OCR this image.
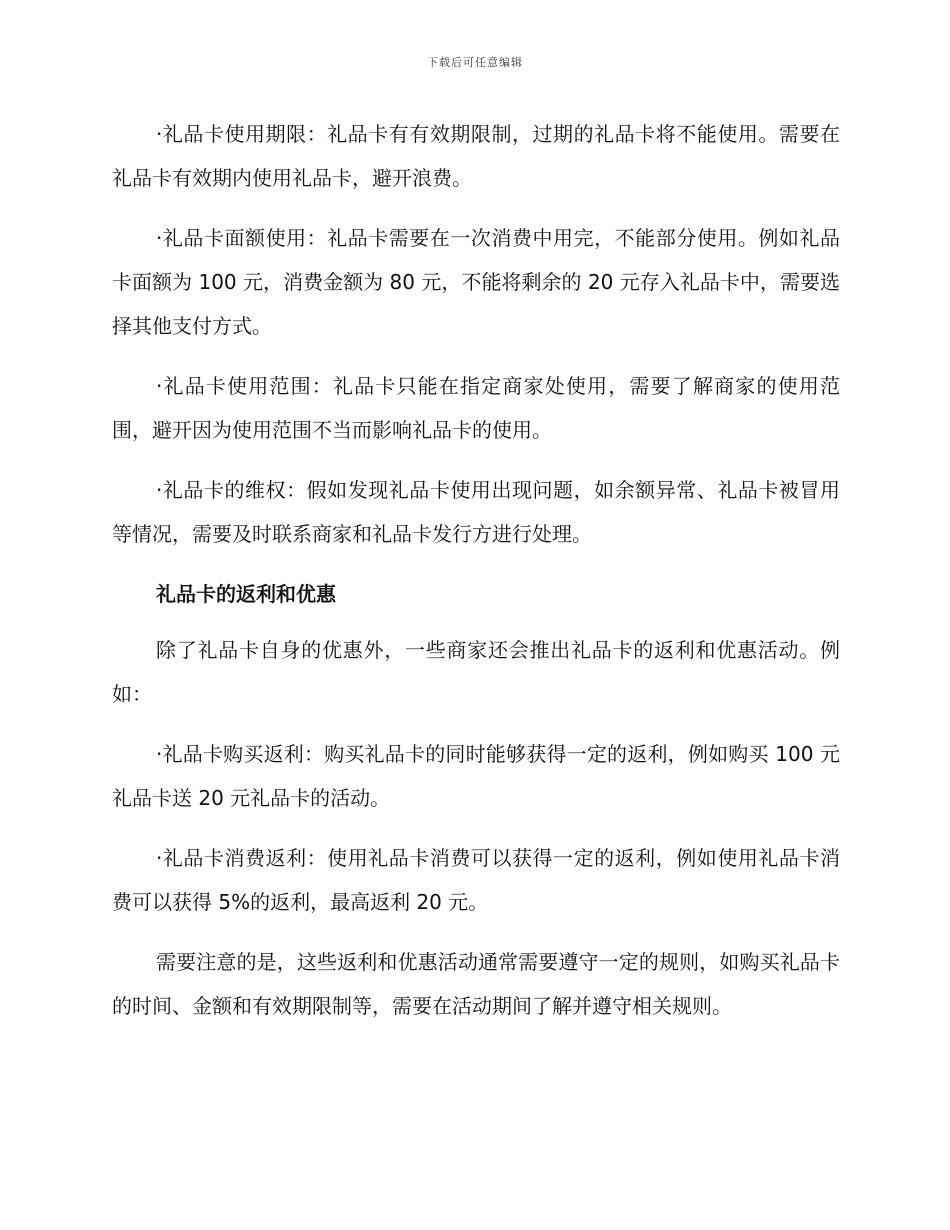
下载后可任意编辑

·礼品卡使用期限：礼品卡有有效期限制，过期的礼品卡将不能使用。需要在礼品卡有效期内使用礼品卡，避开浪费。

·礼品卡面额使用：礼品卡需要在一次消费中用完，不能部分使用。例如礼品卡面额为 100 元，消费金额为 80 元，不能将剩余的 20 元存入礼品卡中，需要选择其他支付方式。

·礼品卡使用范围：礼品卡只能在指定商家处使用，需要了解商家的使用范围，避开因为使用范围不当而影响礼品卡的使用。

·礼品卡的维权：假如发现礼品卡使用出现问题，如余额异常、礼品卡被冒用等情况，需要及时联系商家和礼品卡发行方进行处理。

礼品卡的返利和优惠

除了礼品卡自身的优惠外，一些商家还会推出礼品卡的返利和优惠活动。例如：

·礼品卡购买返利：购买礼品卡的同时能够获得一定的返利，例如购买 100 元礼品卡送 20 元礼品卡的活动。

·礼品卡消费返利：使用礼品卡消费可以获得一定的返利，例如使用礼品卡消费可以获得 5%的返利，最高返利 20 元。

需要注意的是，这些返利和优惠活动通常需要遵守一定的规则，如购买礼品卡的时间、金额和有效期限制等，需要在活动期间了解并遵守相关规则。
